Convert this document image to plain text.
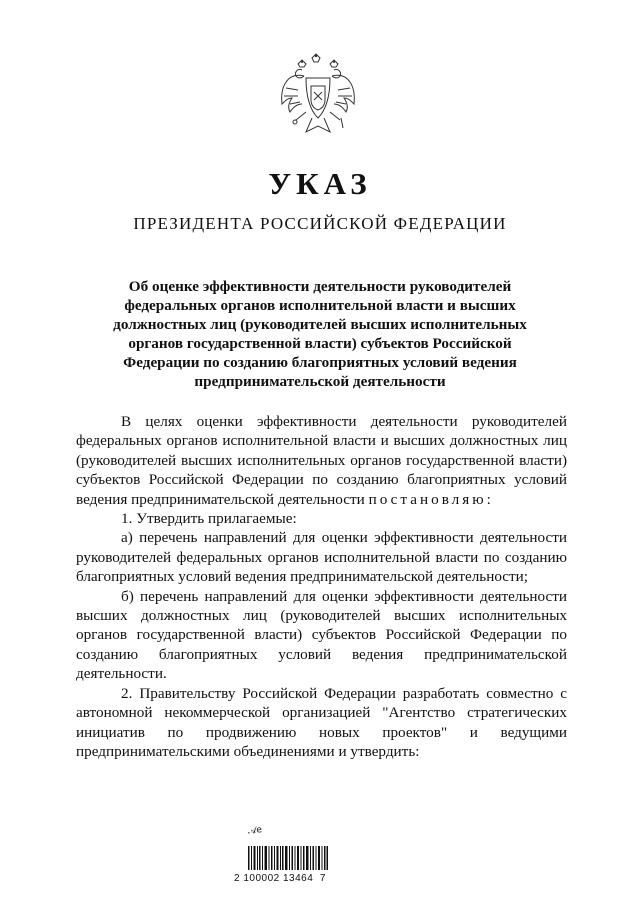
УКАЗ
ПРЕЗИДЕНТА РОССИЙСКОЙ ФЕДЕРАЦИИ
Об оценке эффективности деятельности руководителей
федеральных органов исполнительной власти и высших
должностных лиц (руководителей высших исполнительных
органов государственной власти) субъектов Российской
Федерации по созданию благоприятных условий ведения
предпринимательской деятельности

В целях оценки эффективности деятельности руководителей федеральных органов исполнительной власти и высших должностных лиц (руководителей высших исполнительных органов государственной власти) субъектов Российской Федерации по созданию благоприятных условий ведения предпринимательской деятельности постановляю:

1. Утвердить прилагаемые:

а) перечень направлений для оценки эффективности деятельности руководителей федеральных органов исполнительной власти по созданию благоприятных условий ведения предпринимательской деятельности;

б) перечень направлений для оценки эффективности деятельности высших должностных лиц (руководителей высших исполнительных органов государственной власти) субъектов Российской Федерации по созданию благоприятных условий ведения предпринимательской деятельности.

2. Правительству Российской Федерации разработать совместно с автономной некоммерческой организацией "Агентство стратегических инициатив по продвижению новых проектов" и ведущими предпринимательскими объединениями и утвердить:

𝒜e
2 100002 13464  7
